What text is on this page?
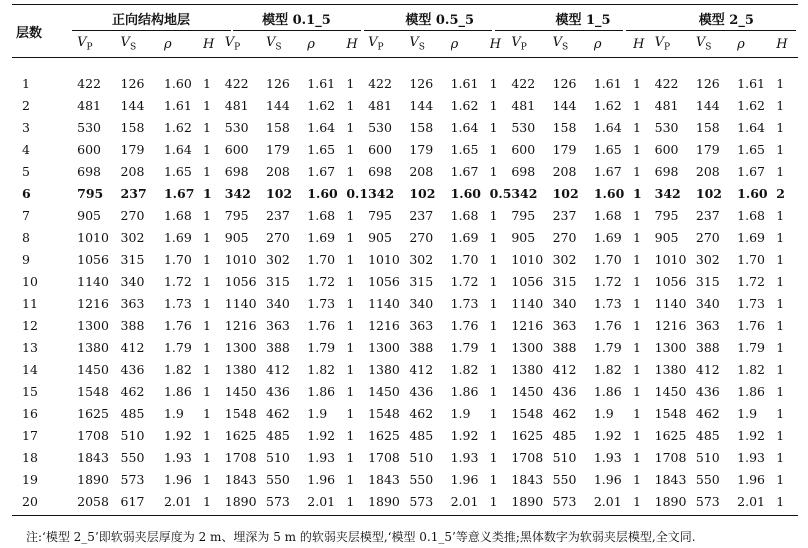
层数	正向结构地层				模型 0.1_5				模型 0.5_5				模型 1_5				模型 2_5			
	$V_P$	$V_S$	ρ	H	$V_P$	$V_S$	ρ	H	$V_P$	$V_S$	ρ	H	$V_P$	$V_S$	ρ	H	$V_P$	$V_S$	ρ	H

1	422	126	1.60	1	422	126	1.61	1	422	126	1.61	1	422	126	1.61	1	422	126	1.61	1
2	481	144	1.61	1	481	144	1.62	1	481	144	1.62	1	481	144	1.62	1	481	144	1.62	1
3	530	158	1.62	1	530	158	1.64	1	530	158	1.64	1	530	158	1.64	1	530	158	1.64	1
4	600	179	1.64	1	600	179	1.65	1	600	179	1.65	1	600	179	1.65	1	600	179	1.65	1
5	698	208	1.65	1	698	208	1.67	1	698	208	1.67	1	698	208	1.67	1	698	208	1.67	1
6	795	237	1.67	1	342	102	1.60	0.1	342	102	1.60	0.5	342	102	1.60	1	342	102	1.60	2
7	905	270	1.68	1	795	237	1.68	1	795	237	1.68	1	795	237	1.68	1	795	237	1.68	1
8	1010	302	1.69	1	905	270	1.69	1	905	270	1.69	1	905	270	1.69	1	905	270	1.69	1
9	1056	315	1.70	1	1010	302	1.70	1	1010	302	1.70	1	1010	302	1.70	1	1010	302	1.70	1
10	1140	340	1.72	1	1056	315	1.72	1	1056	315	1.72	1	1056	315	1.72	1	1056	315	1.72	1
11	1216	363	1.73	1	1140	340	1.73	1	1140	340	1.73	1	1140	340	1.73	1	1140	340	1.73	1
12	1300	388	1.76	1	1216	363	1.76	1	1216	363	1.76	1	1216	363	1.76	1	1216	363	1.76	1
13	1380	412	1.79	1	1300	388	1.79	1	1300	388	1.79	1	1300	388	1.79	1	1300	388	1.79	1
14	1450	436	1.82	1	1380	412	1.82	1	1380	412	1.82	1	1380	412	1.82	1	1380	412	1.82	1
15	1548	462	1.86	1	1450	436	1.86	1	1450	436	1.86	1	1450	436	1.86	1	1450	436	1.86	1
16	1625	485	1.9	1	1548	462	1.9	1	1548	462	1.9	1	1548	462	1.9	1	1548	462	1.9	1
17	1708	510	1.92	1	1625	485	1.92	1	1625	485	1.92	1	1625	485	1.92	1	1625	485	1.92	1
18	1843	550	1.93	1	1708	510	1.93	1	1708	510	1.93	1	1708	510	1.93	1	1708	510	1.93	1
19	1890	573	1.96	1	1843	550	1.96	1	1843	550	1.96	1	1843	550	1.96	1	1843	550	1.96	1
20	2058	617	2.01	1	1890	573	2.01	1	1890	573	2.01	1	1890	573	2.01	1	1890	573	2.01	1
注:‘模型 2_5’即软弱夹层厚度为 2 m、埋深为 5 m 的软弱夹层模型,‘模型 0.1_5’等意义类推;黑体数字为软弱夹层模型,全文同.
